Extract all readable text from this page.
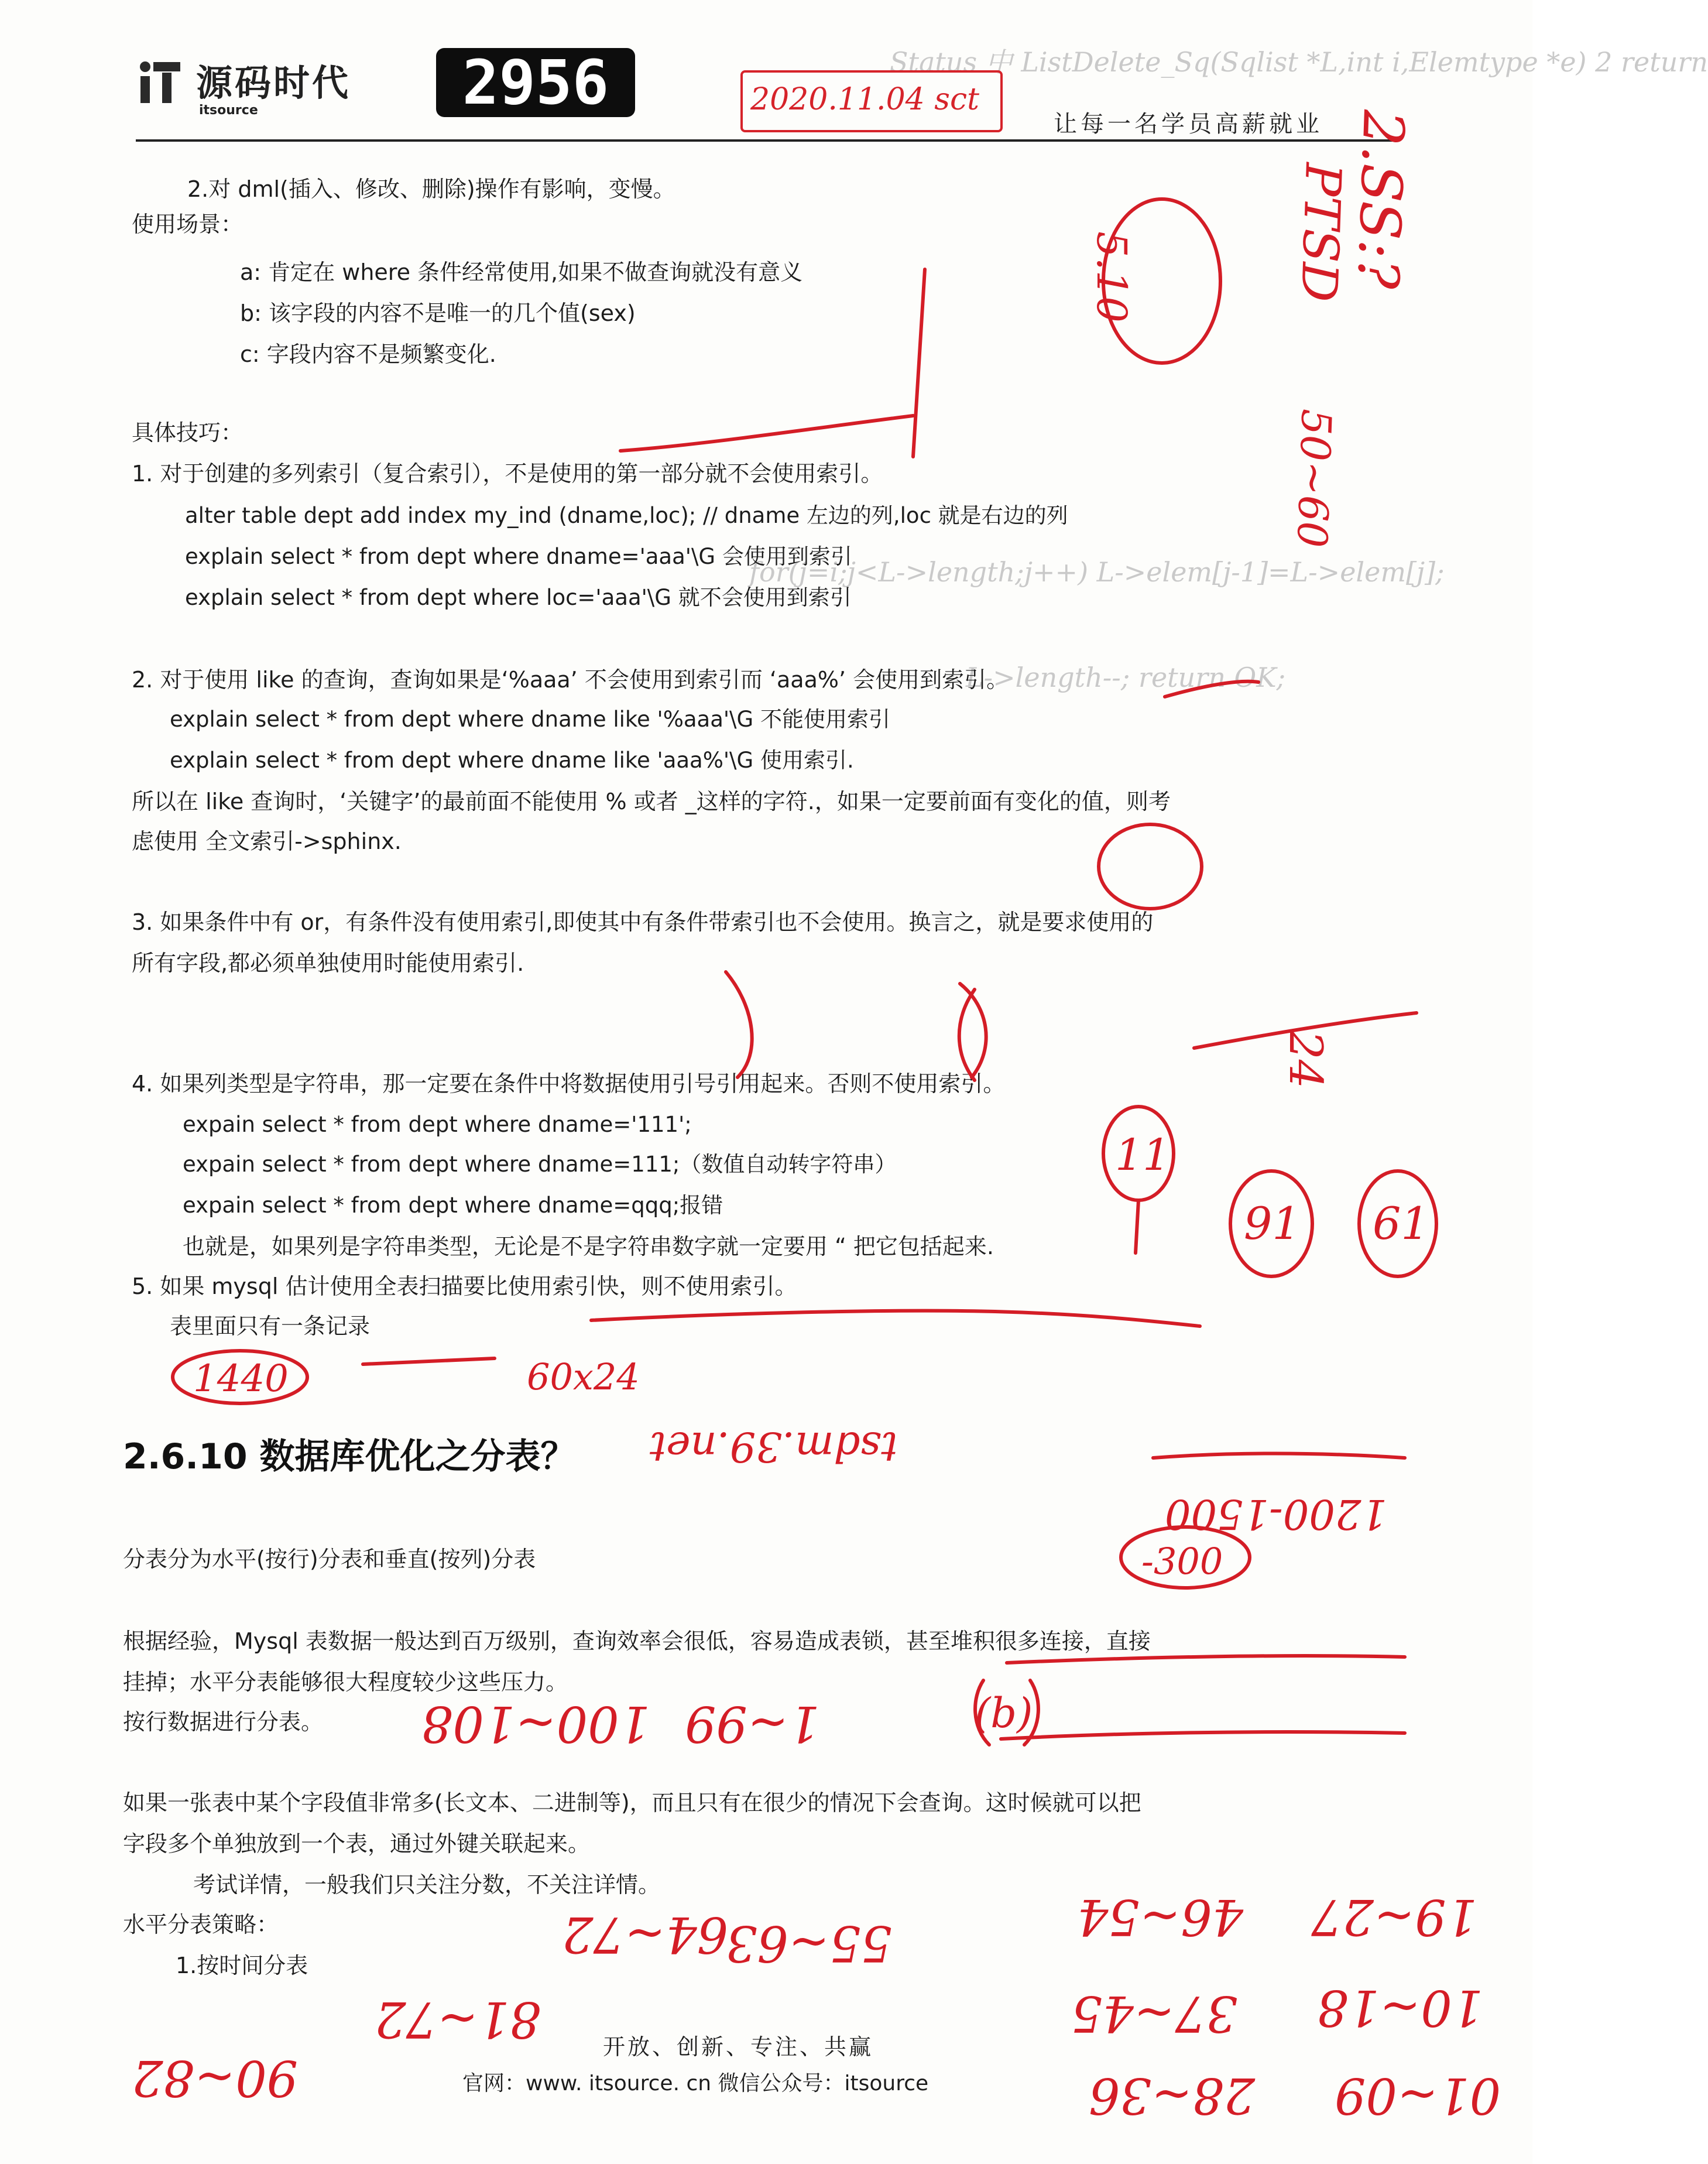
Status 中 ListDelete_Sq(Sqlist *L,int i,Elemtype *e) 2 return
for(j=i;j<L->length;j++) L->elem[j-1]=L->elem[j];
L->length--; return OK;
源码时代
itsource	2956	2020.11.04 sct
让每一名学员高薪就业
2.对 dml(插入、修改、删除)操作有影响，变慢。
使用场景：
a: 肯定在 where 条件经常使用,如果不做查询就没有意义
b: 该字段的内容不是唯一的几个值(sex)
c: 字段内容不是频繁变化.
具体技巧：
1. 对于创建的多列索引（复合索引），不是使用的第一部分就不会使用索引。
alter table dept add index my_ind (dname,loc); // dname 左边的列,loc 就是右边的列
explain select * from dept where dname='aaa'\G 会使用到索引
explain select * from dept where loc='aaa'\G 就不会使用到索引
2. 对于使用 like 的查询，查询如果是‘%aaa’ 不会使用到索引而 ‘aaa%’ 会使用到索引。
explain select * from dept where dname like '%aaa'\G 不能使用索引
explain select * from dept where dname like 'aaa%'\G 使用索引.
所以在 like 查询时，‘关键字’的最前面不能使用 % 或者 _这样的字符.，如果一定要前面有变化的值，则考
虑使用 全文索引->sphinx.
3. 如果条件中有 or，有条件没有使用索引,即使其中有条件带索引也不会使用。换言之，就是要求使用的
所有字段,都必须单独使用时能使用索引.
4. 如果列类型是字符串，那一定要在条件中将数据使用引号引用起来。否则不使用索引。
expain select * from dept where dname='111';
expain select * from dept where dname=111;（数值自动转字符串）
expain select * from dept where dname=qqq;报错
也就是，如果列是字符串类型，无论是不是字符串数字就一定要用 “ 把它包括起来.
5. 如果 mysql 估计使用全表扫描要比使用索引快，则不使用索引。
表里面只有一条记录
2.6.10 数据库优化之分表？
分表分为水平(按行)分表和垂直(按列)分表
根据经验，Mysql 表数据一般达到百万级别，查询效率会很低，容易造成表锁，甚至堆积很多连接，直接
挂掉；水平分表能够很大程度较少这些压力。
按行数据进行分表。
如果一张表中某个字段值非常多(长文本、二进制等)，而且只有在很少的情况下会查询。这时候就可以把
字段多个单独放到一个表，通过外键关联起来。
考试详情，一般我们只关注分数，不关注详情。
水平分表策略：
1.按时间分表
开放、创新、专注、共赢
官网：www. itsource. cn 微信公众号：itsource
2.SS:?
PTSD
50~60
5.10
24
11
91 61
1440	60x24
tsdm.39.net
1200-1500
-300
100~108 1~99	(b)
19~27
46~54
55~63
64~72
10~18
37~45
01~09
28~36
90~82
81~72
